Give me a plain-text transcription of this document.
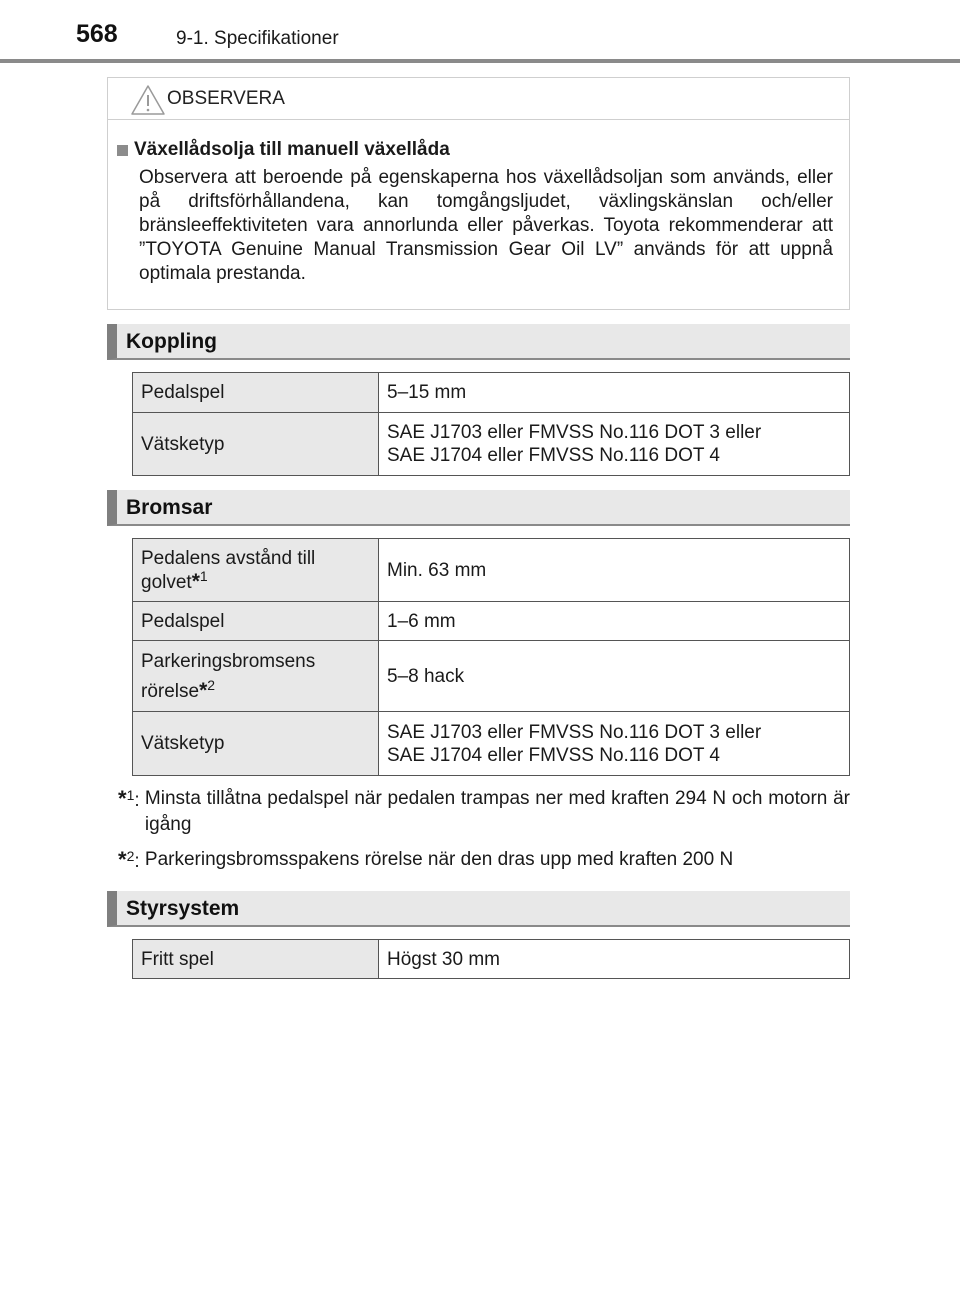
568	9-1. Specifikationer
OBSERVERA
Växellådsolja till manuell växellåda

Observera att beroende på egenskaperna hos växellådsoljan som används, eller på driftsförhållandena, kan tomgångsljudet, växlingskänslan och/eller bränsleeffektiviteten vara annorlunda eller påverkas. Toyota rekommenderar att ”TOYOTA Genuine Manual Transmission Gear Oil LV” används för att uppnå optimala prestanda.

Koppling
Pedalspel	5–15 mm
Vätsketyp	SAE J1703 eller FMVSS No.116 DOT 3 eller
SAE J1704 eller FMVSS No.116 DOT 4
Bromsar
Pedalens avstånd till
golvet*$^1$	Min. 63 mm
Pedalspel	1–6 mm

Parkeringsbromsens
rörelse*$^2$	5–8 hack
Vätsketyp	SAE J1703 eller FMVSS No.116 DOT 3 eller
SAE J1704 eller FMVSS No.116 DOT 4
*$^1$: Minsta tillåtna pedalspel när pedalen trampas ner med kraften 294 N och motorn är igång
*$^2$: Parkeringsbromsspakens rörelse när den dras upp med kraften 200 N
Styrsystem
Fritt spel	Högst 30 mm
